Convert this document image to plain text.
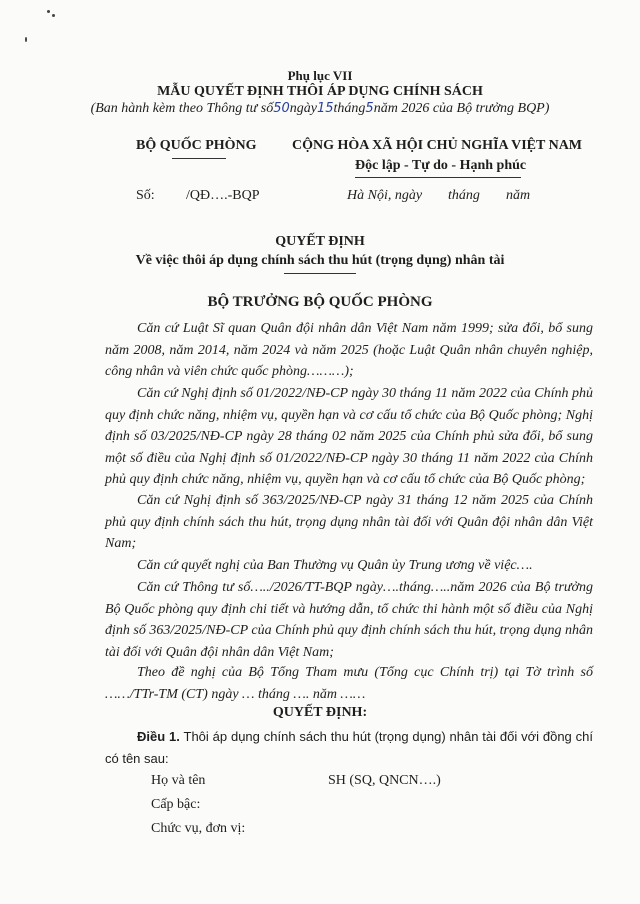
Phụ lục VII
MẪU QUYẾT ĐỊNH THÔI ÁP DỤNG CHÍNH SÁCH
(Ban hành kèm theo Thông tư số50ngày15tháng5năm 2026 của Bộ trưởng BQP)
BỘ QUỐC PHÒNG	CỘNG HÒA XÃ HỘI CHỦ NGHĨA VIỆT NAM
Độc lập - Tự do - Hạnh phúc
Số: /QĐ….-BQP	Hà Nội, ngày tháng năm
QUYẾT ĐỊNH
Về việc thôi áp dụng chính sách thu hút (trọng dụng) nhân tài
BỘ TRƯỞNG BỘ QUỐC PHÒNG

Căn cứ Luật Sĩ quan Quân đội nhân dân Việt Nam năm 1999; sửa đổi, bổ sung năm 2008, năm 2014, năm 2024 và năm 2025 (hoặc Luật Quân nhân chuyên nghiệp, công nhân và viên chức quốc phòng………);

Căn cứ Nghị định số 01/2022/NĐ-CP ngày 30 tháng 11 năm 2022 của Chính phủ quy định chức năng, nhiệm vụ, quyền hạn và cơ cấu tổ chức của Bộ Quốc phòng; Nghị định số 03/2025/NĐ-CP ngày 28 tháng 02 năm 2025 của Chính phủ sửa đổi, bổ sung một số điều của Nghị định số 01/2022/NĐ-CP ngày 30 tháng 11 năm 2022 của Chính phủ quy định chức năng, nhiệm vụ, quyền hạn và cơ cấu tổ chức của Bộ Quốc phòng;

Căn cứ Nghị định số 363/2025/NĐ-CP ngày 31 tháng 12 năm 2025 của Chính phủ quy định chính sách thu hút, trọng dụng nhân tài đối với Quân đội nhân dân Việt Nam;

Căn cứ quyết nghị của Ban Thường vụ Quân ủy Trung ương về việc….

Căn cứ Thông tư số…../2026/TT-BQP ngày….tháng…..năm 2026 của Bộ trưởng Bộ Quốc phòng quy định chi tiết và hướng dẫn, tổ chức thi hành một số điều của Nghị định số 363/2025/NĐ-CP của Chính phủ quy định chính sách thu hút, trọng dụng nhân tài đối với Quân đội nhân dân Việt Nam;

Theo đề nghị của Bộ Tổng Tham mưu (Tổng cục Chính trị) tại Tờ trình số ……/TTr-TM (CT) ngày … tháng …. năm ……

QUYẾT ĐỊNH:

Điều 1. Thôi áp dụng chính sách thu hút (trọng dụng) nhân tài đối với đồng chí có tên sau:

Họ và tên	SH (SQ, QNCN….)
Cấp bậc:
Chức vụ, đơn vị:
